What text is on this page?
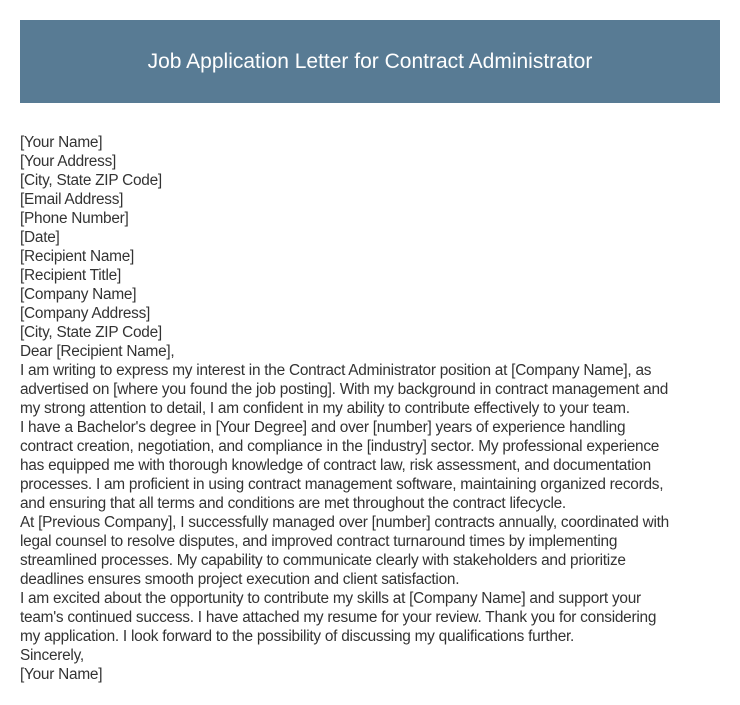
Job Application Letter for Contract Administrator
[Your Name]
[Your Address]
[City, State ZIP Code]
[Email Address]
[Phone Number]
[Date]
[Recipient Name]
[Recipient Title]
[Company Name]
[Company Address]
[City, State ZIP Code]
Dear [Recipient Name],
I am writing to express my interest in the Contract Administrator position at [Company Name], as
advertised on [where you found the job posting]. With my background in contract management and
my strong attention to detail, I am confident in my ability to contribute effectively to your team.
I have a Bachelor's degree in [Your Degree] and over [number] years of experience handling
contract creation, negotiation, and compliance in the [industry] sector. My professional experience
has equipped me with thorough knowledge of contract law, risk assessment, and documentation
processes. I am proficient in using contract management software, maintaining organized records,
and ensuring that all terms and conditions are met throughout the contract lifecycle.
At [Previous Company], I successfully managed over [number] contracts annually, coordinated with
legal counsel to resolve disputes, and improved contract turnaround times by implementing
streamlined processes. My capability to communicate clearly with stakeholders and prioritize
deadlines ensures smooth project execution and client satisfaction.
I am excited about the opportunity to contribute my skills at [Company Name] and support your
team's continued success. I have attached my resume for your review. Thank you for considering
my application. I look forward to the possibility of discussing my qualifications further.
Sincerely,
[Your Name]
